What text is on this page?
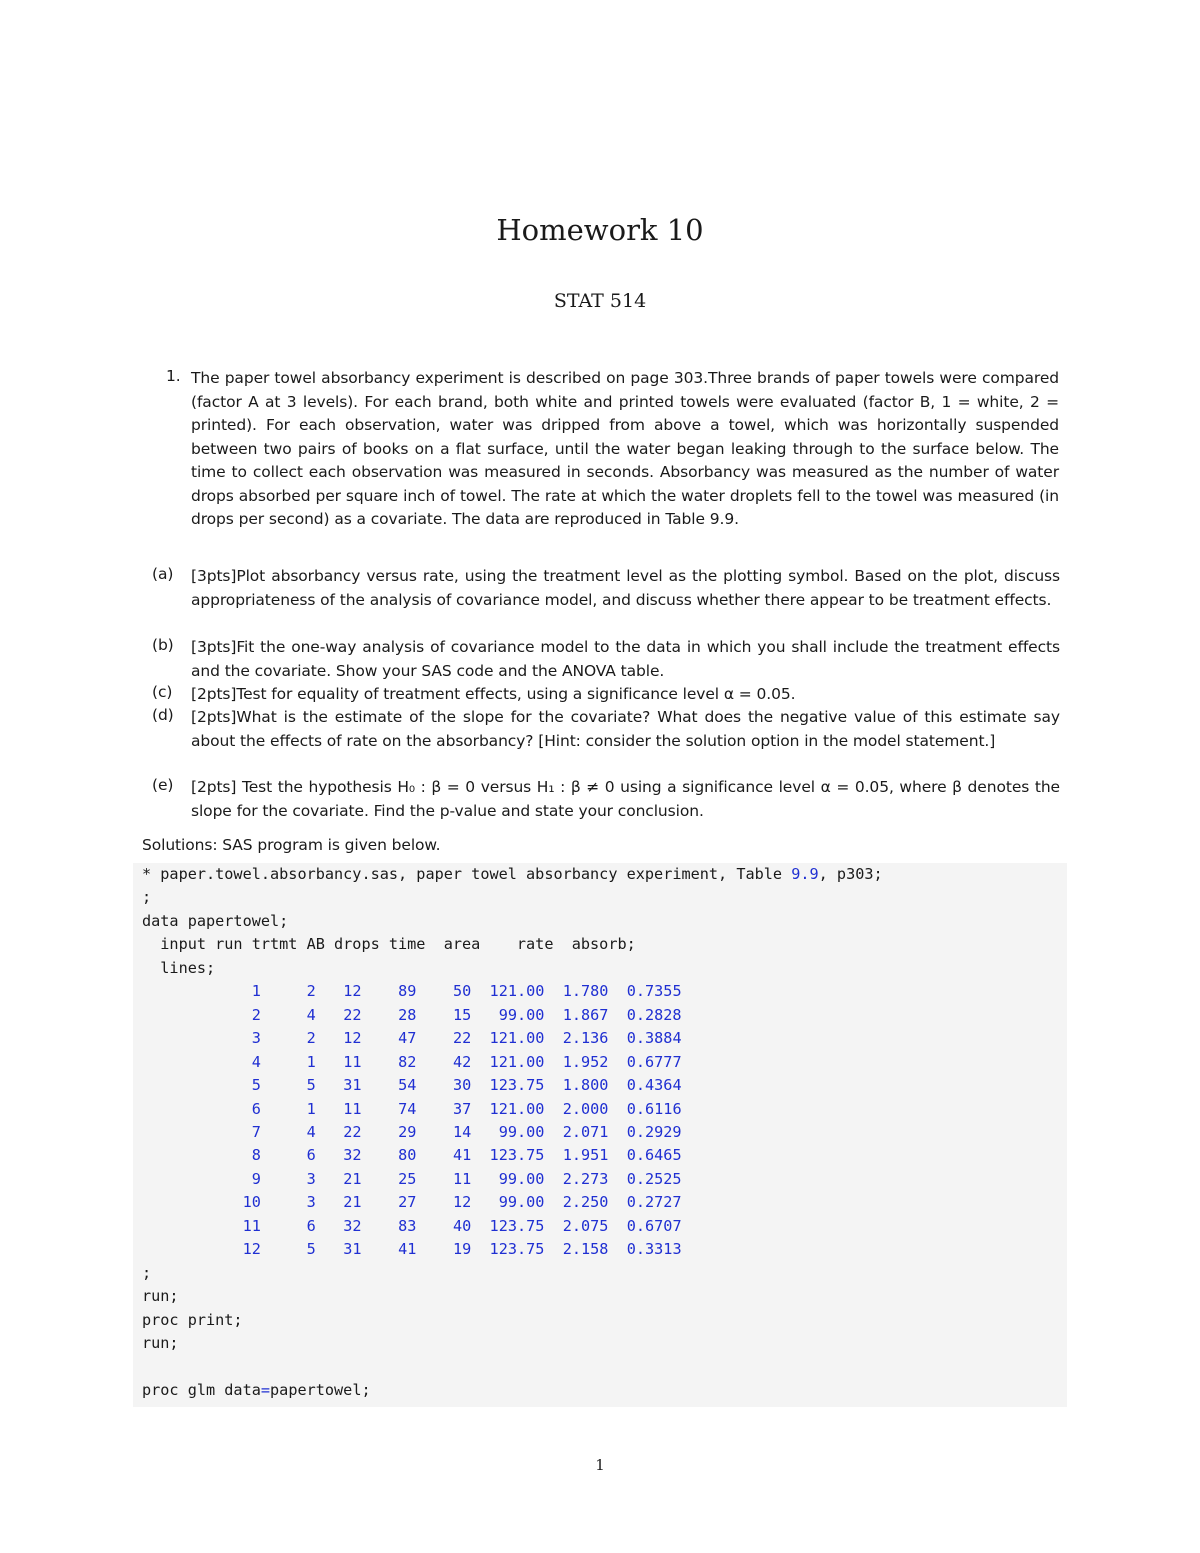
Homework 10
STAT 514
1. The paper towel absorbancy experiment is described on page 303.Three brands of paper towels were compared (factor A at 3 levels). For each brand, both white and printed towels were evaluated (factor B, 1 = white, 2 = printed). For each observation, water was dripped from above a towel, which was horizontally suspended between two pairs of books on a flat surface, until the water began leaking through to the surface below. The time to collect each observation was measured in seconds. Absorbancy was measured as the number of water drops absorbed per square inch of towel. The rate at which the water droplets fell to the towel was measured (in drops per second) as a covariate. The data are reproduced in Table 9.9.
(a)	[3pts]Plot absorbancy versus rate, using the treatment level as the plotting symbol. Based on the plot, discuss appropriateness of the analysis of covariance model, and discuss whether there appear to be treatment effects.
(b)	[3pts]Fit the one-way analysis of covariance model to the data in which you shall include the treatment effects and the covariate. Show your SAS code and the ANOVA table.
(c)	[2pts]Test for equality of treatment effects, using a significance level α = 0.05.
(d)	[2pts]What is the estimate of the slope for the covariate? What does the negative value of this estimate say about the effects of rate on the absorbancy? [Hint: consider the solution option in the model statement.]
(e)	[2pts] Test the hypothesis H₀ : β = 0 versus H₁ : β ≠ 0 using a significance level α = 0.05, where β denotes the slope for the covariate. Find the p-value and state your conclusion.
Solutions: SAS program is given below.
* paper.towel.absorbancy.sas, paper towel absorbancy experiment, Table 9.9, p303;
;
data papertowel;
input run trtmt AB drops time  area    rate  absorb;
lines;
1	2 12 89 50 121.00 1.780 0.7355
2	4 22 28 15 99.00 1.867 0.2828
3	2 12 47 22 121.00 2.136 0.3884
4	1 11 82 42 121.00 1.952 0.6777
5	5 31 54 30 123.75 1.800 0.4364
6	1 11 74 37 121.00 2.000 0.6116
7	4 22 29 14 99.00 2.071 0.2929
8	6 32 80 41 123.75 1.951 0.6465
9	3 21 25 11 99.00 2.273 0.2525
10	3 21 27 12 99.00 2.250 0.2727
11	6 32 83 40 123.75 2.075 0.6707
12	5 31 41 19 123.75 2.158 0.3313
;
run;
proc print;
run;

proc glm data=papertowel;
1
